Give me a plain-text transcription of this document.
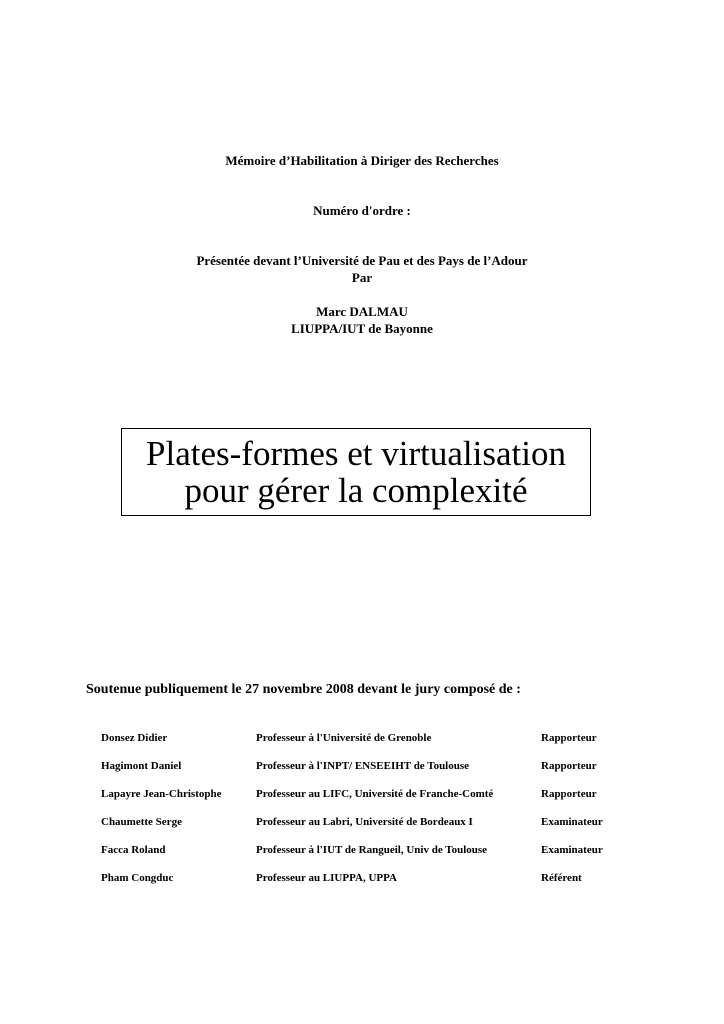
Mémoire d’Habilitation à Diriger des Recherches
Numéro d'ordre :
Présentée devant l’Université de Pau et des Pays de l’Adour
Par
Marc DALMAU
LIUPPA/IUT de Bayonne
Plates-formes et virtualisation
pour gérer la complexité
Soutenue publiquement le 27 novembre 2008 devant le jury composé de :
Donsez Didier	Professeur à l'Université de Grenoble	Rapporteur
Hagimont Daniel	Professeur à l'INPT/ ENSEEIHT de Toulouse	Rapporteur
Lapayre Jean-Christophe	Professeur au LIFC, Université de Franche-Comté	Rapporteur
Chaumette Serge	Professeur au Labri, Université de Bordeaux I	Examinateur
Facca Roland	Professeur à l'IUT de Rangueil, Univ de Toulouse	Examinateur
Pham Congduc	Professeur au LIUPPA, UPPA	Référent
